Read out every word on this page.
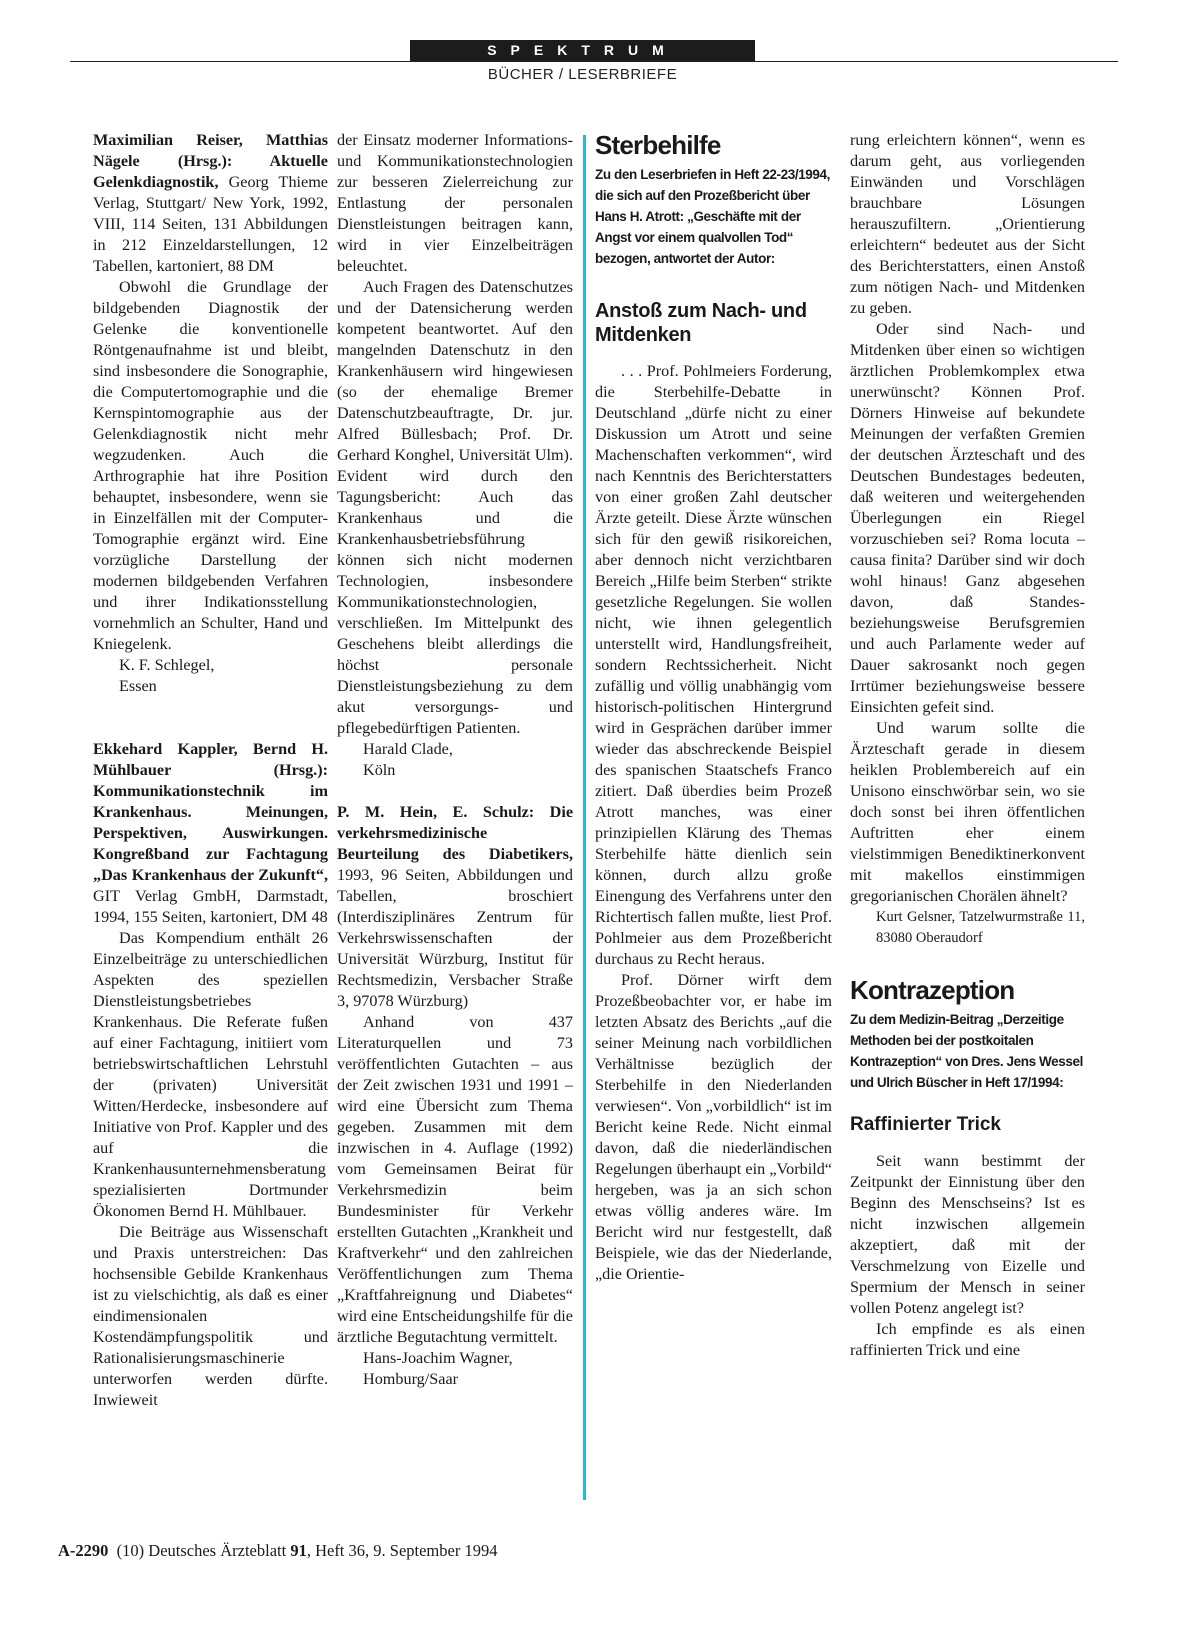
SPEKTRUM
BÜCHER / LESERBRIEFE

Maximilian Reiser, Matthias Nägele (Hrsg.): Aktuelle Gelenkdiagnostik, Georg Thieme Verlag, Stuttgart/ New York, 1992, VIII, 114 Seiten, 131 Abbildungen in 212 Einzeldarstellungen, 12 Tabellen, kartoniert, 88 DM

Obwohl die Grundlage der bildgebenden Diagnostik der Gelenke die konventionelle Röntgenaufnahme ist und bleibt, sind insbesondere die Sonographie, die Computertomographie und die Kernspintomographie aus der Gelenkdiagnostik nicht mehr wegzudenken. Auch die Arthrographie hat ihre Position behauptet, insbesondere, wenn sie in Einzelfällen mit der Computer-Tomographie ergänzt wird. Eine vorzügliche Darstellung der modernen bildgebenden Verfahren und ihrer Indikationsstellung vornehmlich an Schulter, Hand und Kniegelenk.

K. F. Schlegel,

Essen

Ekkehard Kappler, Bernd H. Mühlbauer (Hrsg.): Kommunikationstechnik im Krankenhaus. Meinungen, Perspektiven, Auswirkungen. Kongreßband zur Fachtagung „Das Krankenhaus der Zukunft“, GIT Verlag GmbH, Darmstadt, 1994, 155 Seiten, kartoniert, DM 48

Das Kompendium enthält 26 Einzelbeiträge zu unterschiedlichen Aspekten des speziellen Dienstleistungsbetriebes Krankenhaus. Die Referate fußen auf einer Fachtagung, initiiert vom betriebswirtschaftlichen Lehrstuhl der (privaten) Universität Witten/Herdecke, insbesondere auf Initiative von Prof. Kappler und des auf die Krankenhausunternehmensberatung spezialisierten Dortmunder Ökonomen Bernd H. Mühlbauer.

Die Beiträge aus Wissenschaft und Praxis unterstreichen: Das hochsensible Gebilde Krankenhaus ist zu vielschichtig, als daß es einer eindimensionalen Kostendämpfungspolitik und Rationalisierungsmaschinerie unterworfen werden dürfte. Inwieweit

der Einsatz moderner Informations- und Kommunikationstechnologien zur besseren Zielerreichung zur Entlastung der personalen Dienstleistungen beitragen kann, wird in vier Einzelbeiträgen beleuchtet.

Auch Fragen des Datenschutzes und der Datensicherung werden kompetent beantwortet. Auf den mangelnden Datenschutz in den Krankenhäusern wird hingewiesen (so der ehemalige Bremer Datenschutzbeauftragte, Dr. jur. Alfred Büllesbach; Prof. Dr. Gerhard Konghel, Universität Ulm). Evident wird durch den Tagungsbericht: Auch das Krankenhaus und die Krankenhausbetriebsführung können sich nicht modernen Technologien, insbesondere Kommunikationstechnologien, verschließen. Im Mittelpunkt des Geschehens bleibt allerdings die höchst personale Dienstleistungsbeziehung zu dem akut versorgungs- und pflegebedürftigen Patienten.

Harald Clade,

Köln

P. M. Hein, E. Schulz: Die verkehrsmedizinische Beurteilung des Diabetikers, 1993, 96 Seiten, Abbildungen und Tabellen, broschiert (Interdisziplinäres Zentrum für Verkehrswissenschaften der Universität Würzburg, Institut für Rechtsmedizin, Versbacher Straße 3, 97078 Würzburg)

Anhand von 437 Literaturquellen und 73 veröffentlichten Gutachten – aus der Zeit zwischen 1931 und 1991 – wird eine Übersicht zum Thema gegeben. Zusammen mit dem inzwischen in 4. Auflage (1992) vom Gemeinsamen Beirat für Verkehrsmedizin beim Bundesminister für Verkehr erstellten Gutachten „Krankheit und Kraftverkehr“ und den zahlreichen Veröffentlichungen zum Thema „Kraftfahreignung und Diabetes“ wird eine Entscheidungshilfe für die ärztliche Begutachtung vermittelt.

Hans-Joachim Wagner,

Homburg/Saar

Sterbehilfe

Zu den Leserbriefen in Heft 22-23/1994, die sich auf den Prozeßbericht über Hans H. Atrott: „Geschäfte mit der Angst vor einem qualvollen Tod“ bezogen, antwortet der Autor:

Anstoß zum Nach- und Mitdenken

. . . Prof. Pohlmeiers Forderung, die Sterbehilfe-Debatte in Deutschland „dürfe nicht zu einer Diskussion um Atrott und seine Machenschaften verkommen“, wird nach Kenntnis des Berichterstatters von einer großen Zahl deutscher Ärzte geteilt. Diese Ärzte wünschen sich für den gewiß risikoreichen, aber dennoch nicht verzichtbaren Bereich „Hilfe beim Sterben“ strikte gesetzliche Regelungen. Sie wollen nicht, wie ihnen gelegentlich unterstellt wird, Handlungsfreiheit, sondern Rechtssicherheit. Nicht zufällig und völlig unabhängig vom historisch-politischen Hintergrund wird in Gesprächen darüber immer wieder das abschreckende Beispiel des spanischen Staatschefs Franco zitiert. Daß überdies beim Prozeß Atrott manches, was einer prinzipiellen Klärung des Themas Sterbehilfe hätte dienlich sein können, durch allzu große Einengung des Verfahrens unter den Richtertisch fallen mußte, liest Prof. Pohlmeier aus dem Prozeßbericht durchaus zu Recht heraus.

Prof. Dörner wirft dem Prozeßbeobachter vor, er habe im letzten Absatz des Berichts „auf die seiner Meinung nach vorbildlichen Verhältnisse bezüglich der Sterbehilfe in den Niederlanden verwiesen“. Von „vorbildlich“ ist im Bericht keine Rede. Nicht einmal davon, daß die niederländischen Regelungen überhaupt ein „Vorbild“ hergeben, was ja an sich schon etwas völlig anderes wäre. Im Bericht wird nur festgestellt, daß Beispiele, wie das der Niederlande, „die Orientie-

rung erleichtern können“, wenn es darum geht, aus vorliegenden Einwänden und Vorschlägen brauchbare Lösungen herauszufiltern. „Orientierung erleichtern“ bedeutet aus der Sicht des Berichterstatters, einen Anstoß zum nötigen Nach- und Mitdenken zu geben.

Oder sind Nach- und Mitdenken über einen so wichtigen ärztlichen Problemkomplex etwa unerwünscht? Können Prof. Dörners Hinweise auf bekundete Meinungen der verfaßten Gremien der deutschen Ärzteschaft und des Deutschen Bundestages bedeuten, daß weiteren und weitergehenden Überlegungen ein Riegel vorzuschieben sei? Roma locuta – causa finita? Darüber sind wir doch wohl hinaus! Ganz abgesehen davon, daß Standes- beziehungsweise Berufsgremien und auch Parlamente weder auf Dauer sakrosankt noch gegen Irrtümer beziehungsweise bessere Einsichten gefeit sind.

Und warum sollte die Ärzteschaft gerade in diesem heiklen Problembereich auf ein Unisono einschwörbar sein, wo sie doch sonst bei ihren öffentlichen Auftritten eher einem vielstimmigen Benediktinerkonvent mit makellos einstimmigen gregorianischen Chorälen ähnelt?

Kurt Gelsner, Tatzelwurmstraße 11, 83080 Oberaudorf

Kontrazeption

Zu dem Medizin-Beitrag „Derzeitige Methoden bei der postkoitalen Kontrazeption“ von Dres. Jens Wessel und Ulrich Büscher in Heft 17/1994:

Raffinierter Trick

Seit wann bestimmt der Zeitpunkt der Einnistung über den Beginn des Menschseins? Ist es nicht inzwischen allgemein akzeptiert, daß mit der Verschmelzung von Eizelle und Spermium der Mensch in seiner vollen Potenz angelegt ist?

Ich empfinde es als einen raffinierten Trick und eine

A-2290 (10) Deutsches Ärzteblatt 91, Heft 36, 9. September 1994
